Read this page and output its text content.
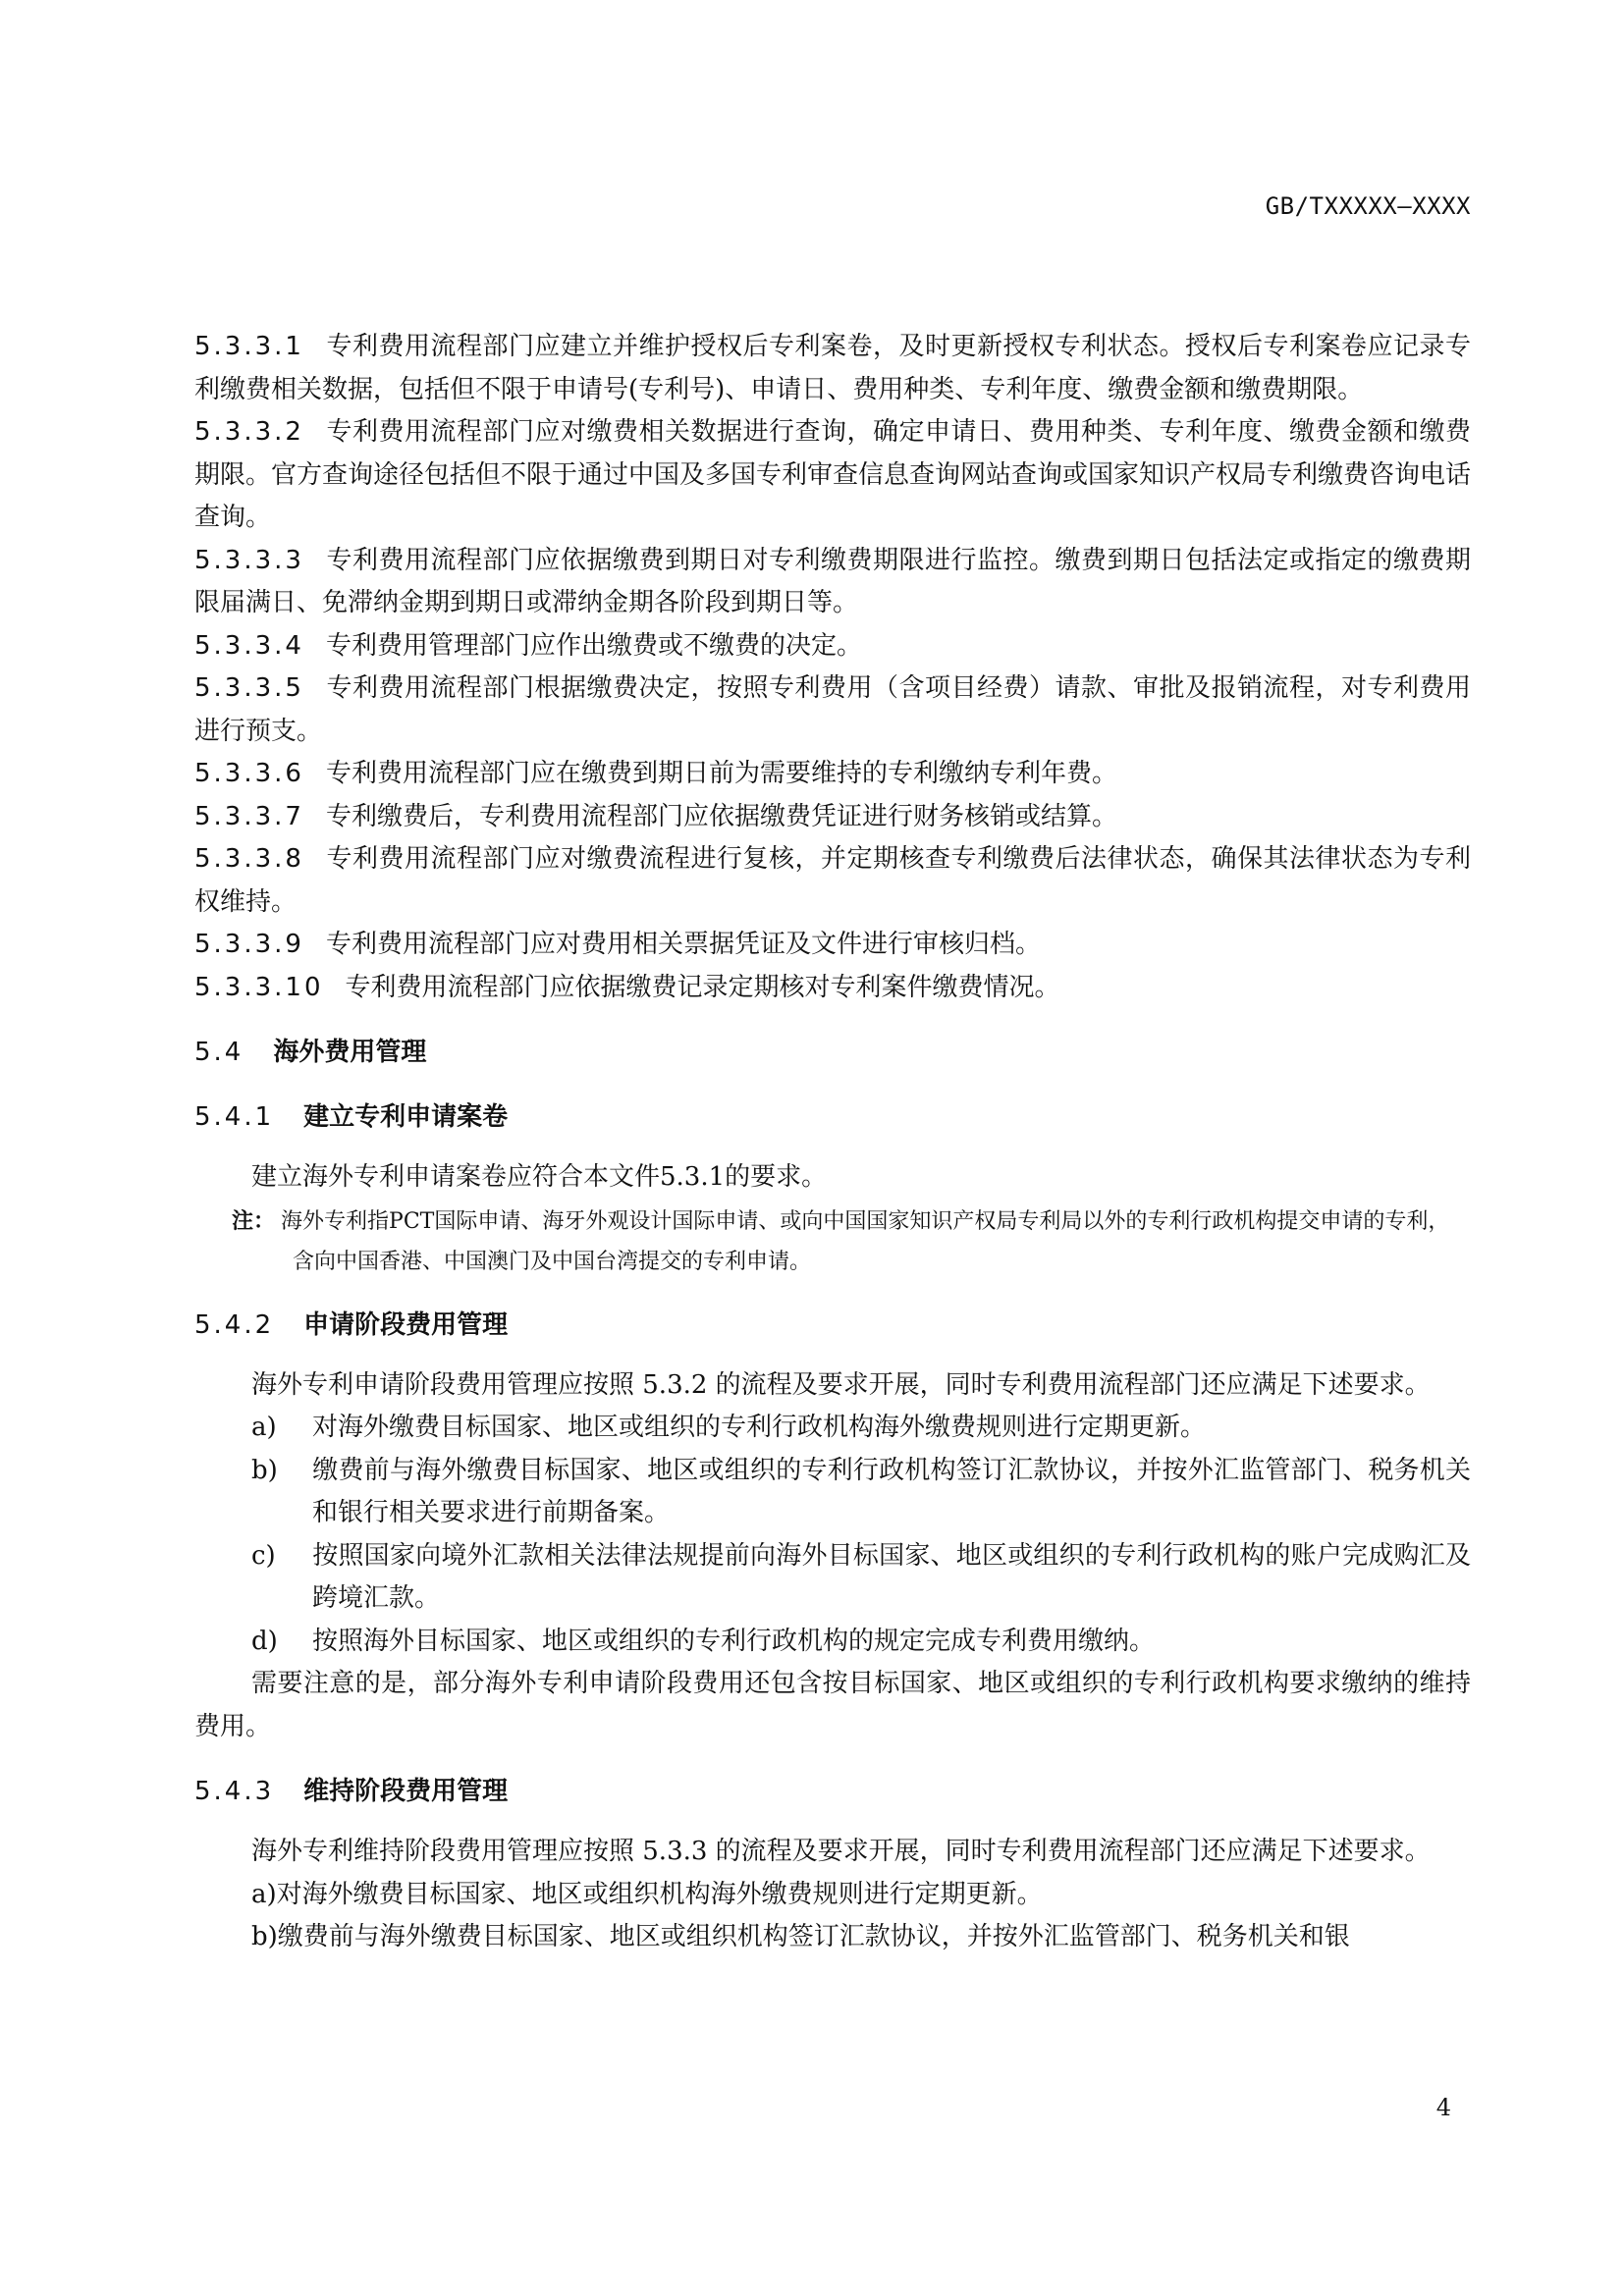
GB/TXXXXX—XXXX

5.3.3.1 专利费用流程部门应建立并维护授权后专利案卷，及时更新授权专利状态。授权后专利案卷应记录专利缴费相关数据，包括但不限于申请号(专利号)、申请日、费用种类、专利年度、缴费金额和缴费期限。

5.3.3.2 专利费用流程部门应对缴费相关数据进行查询，确定申请日、费用种类、专利年度、缴费金额和缴费期限。官方查询途径包括但不限于通过中国及多国专利审查信息查询网站查询或国家知识产权局专利缴费咨询电话查询。

5.3.3.3 专利费用流程部门应依据缴费到期日对专利缴费期限进行监控。缴费到期日包括法定或指定的缴费期限届满日、免滞纳金期到期日或滞纳金期各阶段到期日等。

5.3.3.4 专利费用管理部门应作出缴费或不缴费的决定。

5.3.3.5 专利费用流程部门根据缴费决定，按照专利费用（含项目经费）请款、审批及报销流程，对专利费用进行预支。

5.3.3.6 专利费用流程部门应在缴费到期日前为需要维持的专利缴纳专利年费。

5.3.3.7 专利缴费后，专利费用流程部门应依据缴费凭证进行财务核销或结算。

5.3.3.8 专利费用流程部门应对缴费流程进行复核，并定期核查专利缴费后法律状态，确保其法律状态为专利权维持。

5.3.3.9 专利费用流程部门应对费用相关票据凭证及文件进行审核归档。

5.3.3.10 专利费用流程部门应依据缴费记录定期核对专利案件缴费情况。

5.4 海外费用管理
5.4.1 建立专利申请案卷

建立海外专利申请案卷应符合本文件5.3.1的要求。

注： 海外专利指PCT国际申请、海牙外观设计国际申请、或向中国国家知识产权局专利局以外的专利行政机构提交申请的专利，含向中国香港、中国澳门及中国台湾提交的专利申请。

5.4.2 申请阶段费用管理

海外专利申请阶段费用管理应按照 5.3.2 的流程及要求开展，同时专利费用流程部门还应满足下述要求。

a) 对海外缴费目标国家、地区或组织的专利行政机构海外缴费规则进行定期更新。

b) 缴费前与海外缴费目标国家、地区或组织的专利行政机构签订汇款协议，并按外汇监管部门、税务机关和银行相关要求进行前期备案。

c) 按照国家向境外汇款相关法律法规提前向海外目标国家、地区或组织的专利行政机构的账户完成购汇及跨境汇款。

d) 按照海外目标国家、地区或组织的专利行政机构的规定完成专利费用缴纳。

需要注意的是，部分海外专利申请阶段费用还包含按目标国家、地区或组织的专利行政机构要求缴纳的维持费用。

5.4.3 维持阶段费用管理

海外专利维持阶段费用管理应按照 5.3.3 的流程及要求开展，同时专利费用流程部门还应满足下述要求。

a)对海外缴费目标国家、地区或组织机构海外缴费规则进行定期更新。

b)缴费前与海外缴费目标国家、地区或组织机构签订汇款协议，并按外汇监管部门、税务机关和银

4
